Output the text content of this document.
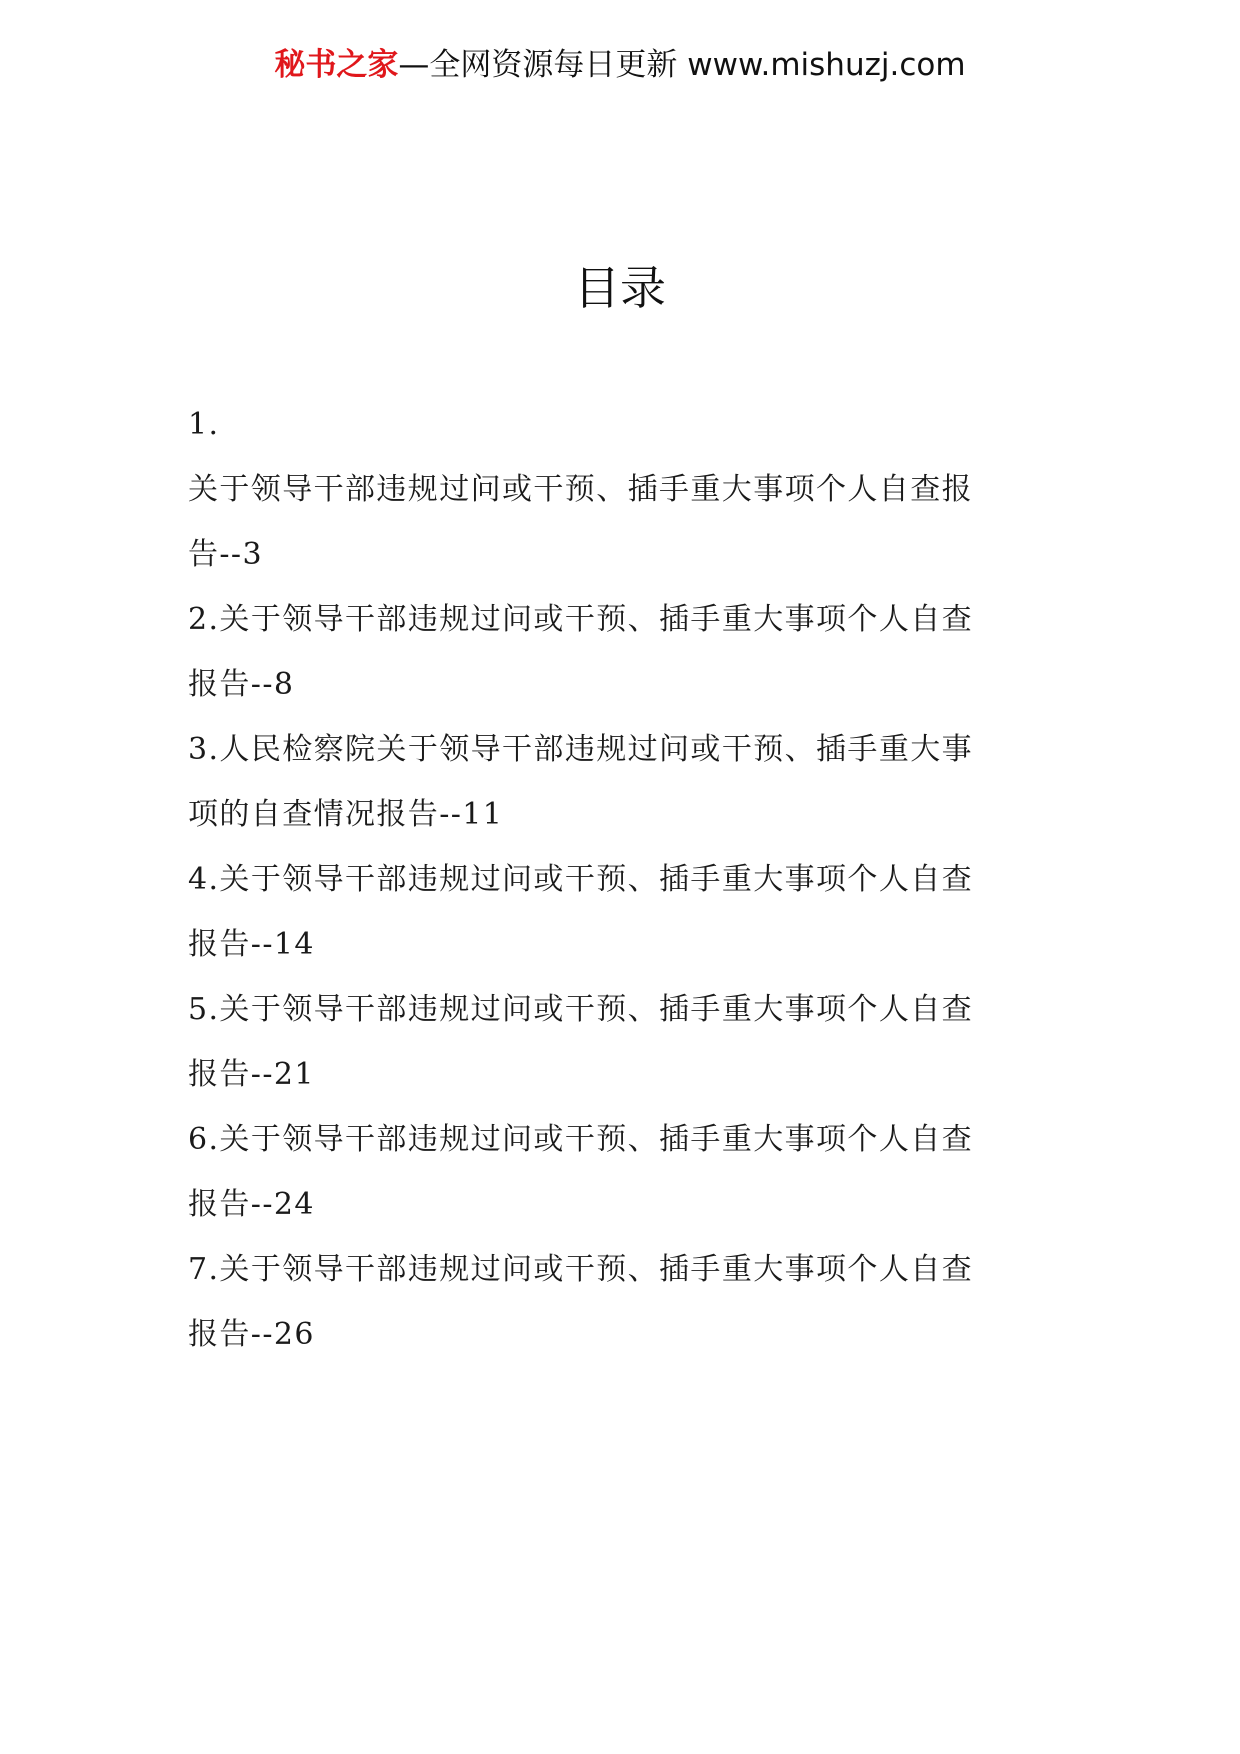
秘书之家—全网资源每日更新 www.mishuzj.com
目录
1.
关于领导干部违规过问或干预、插手重大事项个人自查报
告--3
2.关于领导干部违规过问或干预、插手重大事项个人自查
报告--8
3.人民检察院关于领导干部违规过问或干预、插手重大事
项的自查情况报告--11
4.关于领导干部违规过问或干预、插手重大事项个人自查
报告--14
5.关于领导干部违规过问或干预、插手重大事项个人自查
报告--21
6.关于领导干部违规过问或干预、插手重大事项个人自查
报告--24
7.关于领导干部违规过问或干预、插手重大事项个人自查
报告--26
